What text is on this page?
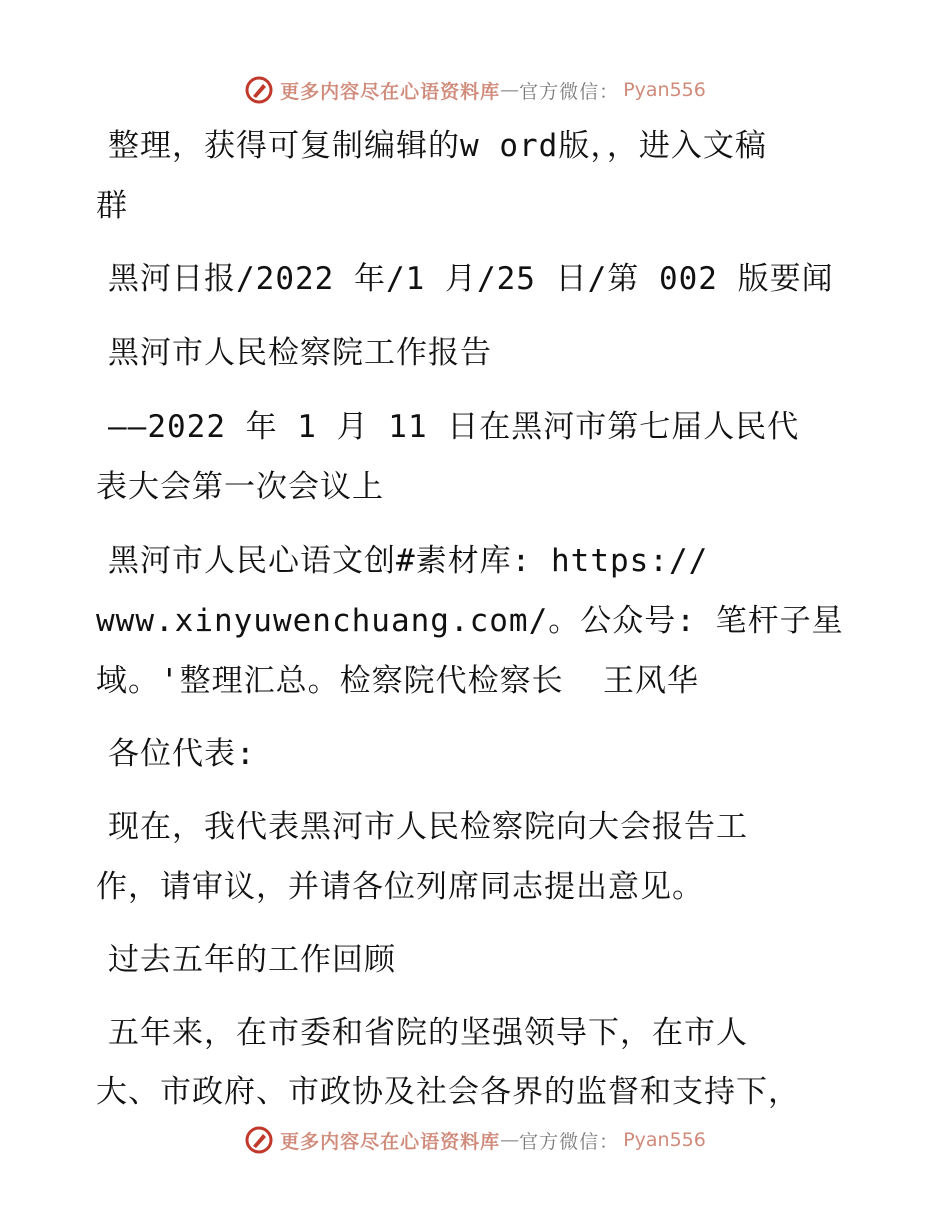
更多内容尽在心语资料库 — 官方微信： Pyan556
整理，获得可复制编辑的w ord版，，进入文稿
群
黑河日报/2022 年/1 月/25 日/第 002 版要闻
黑河市人民检察院工作报告
——2022 年 1 月 11 日在黑河市第七届人民代
表大会第一次会议上
黑河市人民心语文创#素材库: https://
www.xinyuwenchuang.com/。公众号: 笔杆子星
域。'整理汇总。检察院代检察长  王风华
各位代表:
现在，我代表黑河市人民检察院向大会报告工
作，请审议，并请各位列席同志提出意见。
过去五年的工作回顾
五年来，在市委和省院的坚强领导下，在市人
大、市政府、市政协及社会各界的监督和支持下，
更多内容尽在心语资料库 — 官方微信： Pyan556
